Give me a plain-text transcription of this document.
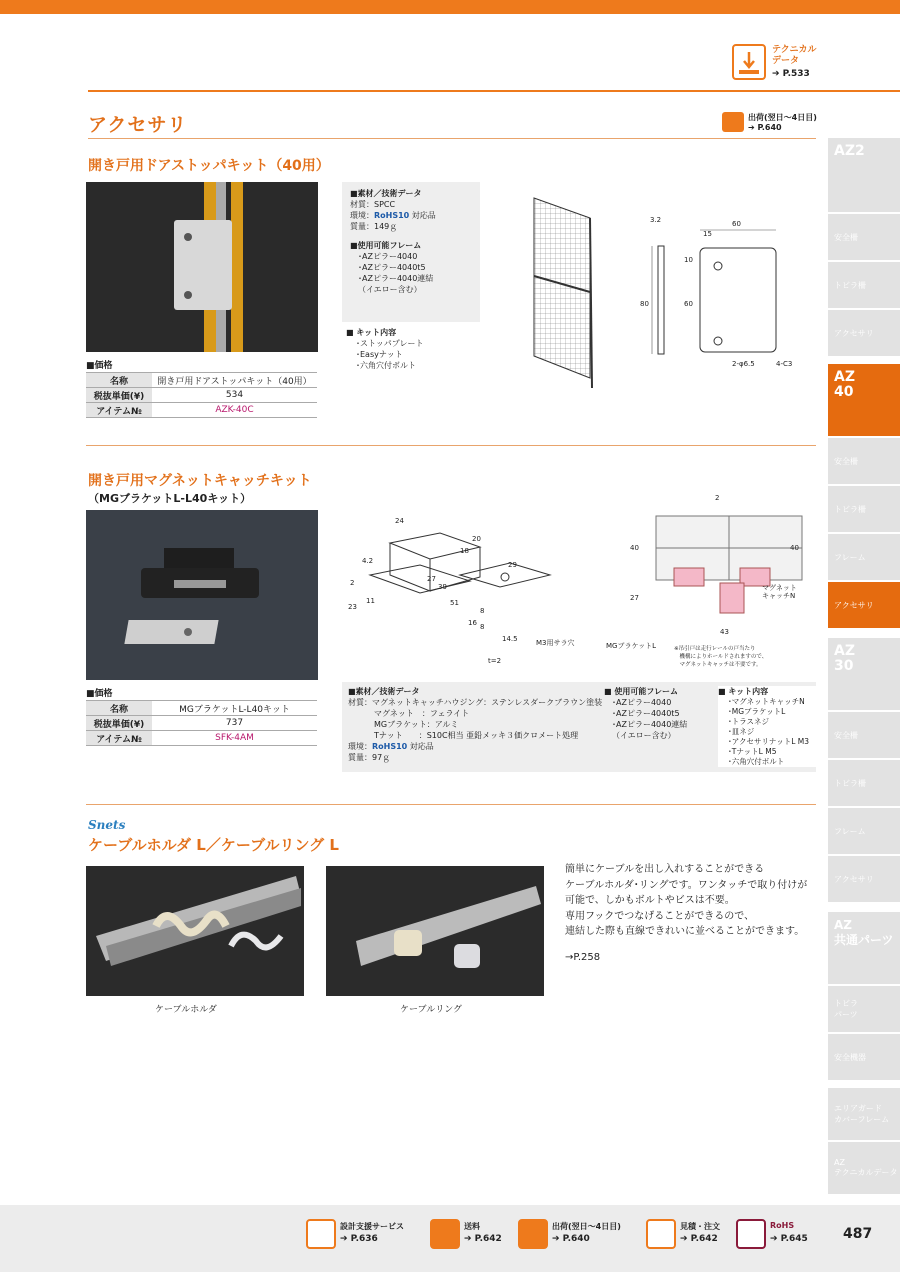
テクニカル
データ
➔ P.533
アクセサリ	出荷(翌日〜4日目)
➔ P.640
開き戸用ドアストッパキット（40用）
■価格
名称	開き戸用ドアストッパキット（40用）
税抜単価(¥)	534
アイテム№	AZK-40C
■素材／技術データ
材質：SPCC
環境：RoHS10 対応品
質量：149ｇ
■使用可能フレーム
･AZピラー4040
･AZピラー4040t5
･AZピラー4040連結
（イエロー含む）
■ キット内容
･ストッパプレート
･Easyナット
･六角穴付ボルト
3.2	60
15
10
80	60
2-φ6.5	4-C3
開き戸用マグネットキャッチキット
（MGブラケットL-L40キット）
■価格
名称	MGブラケットL-L40キット
税抜単価(¥)	737
アイテム№	SFK-4AM
24
4.2
18
20
2	27
39
11
23	51
29
16
8
8
14.5	M3用サラ穴
t=2
2
40	40
27
43
マグネットキャッチN
MGブラケットL	※吊引戸は走行レールの戸当たり
　機構によりホールドされますので、
　マグネットキャッチは不要です。
■素材／技術データ
材質：マグネットキャッチハウジング：ステンレスダークブラウン塗装
マグネット　：フェライト
MGブラケット：アルミ
Tナット　　：S10C相当 亜鉛メッキ３価クロメート処理
環境：RoHS10 対応品
質量：97ｇ
■ 使用可能フレーム
･AZピラー4040
･AZピラー4040t5
･AZピラー4040連結
（イエロー含む）
■ キット内容
･マグネットキャッチN
･MGブラケットL
･トラスネジ
･皿ネジ
･アクセサリナットL M3
･TナットL M5
･六角穴付ボルト
Snets
ケーブルホルダ L／ケーブルリング L
ケーブルホルダ	ケーブルリング
簡単にケーブルを出し入れすることができる
ケーブルホルダ･リングです。ワンタッチで取り付けが
可能で、しかもボルトやビスは不要。
専用フックでつなげることができるので、
連結した際も直線できれいに並べることができます。
→P.258
AZ2
安全柵
トビラ柵
アクセサリ
AZ
40
安全柵
トビラ柵
フレーム
アクセサリ
AZ
30
安全柵
トビラ柵
フレーム
アクセサリ
AZ
共通パーツ
トビラ
パーツ
安全機器
エリアガード
カバーフレーム
AZ
テクニカルデータ
設計支援サービス
➔ P.636
送料
➔ P.642
出荷(翌日〜4日目)
➔ P.640
見積・注文
➔ P.642
RoHS
➔ P.645	487
